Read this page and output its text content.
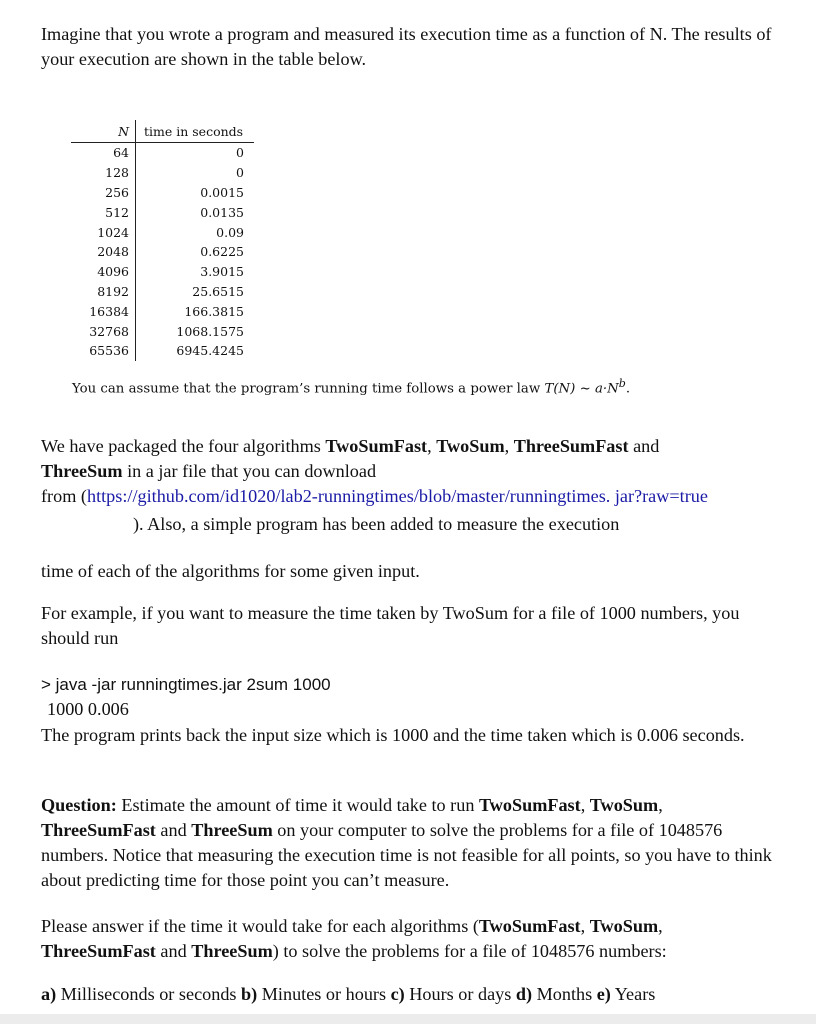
Imagine that you wrote a program and measured its execution time as a function of N. The results of your execution are shown in the table below.

N	time in seconds
64	0
128	0
256	0.0015
512	0.0135
1024	0.09
2048	0.6225
4096	3.9015
8192	25.6515
16384	166.3815
32768	1068.1575
65536	6945.4245
You can assume that the program’s running time follows a power law T(N) ~ $a\cdot N^b$.

We have packaged the four algorithms TwoSumFast, TwoSum, ThreeSumFast and
ThreeSum in a jar file that you can download
from (https://github.com/id1020/lab2-runningtimes/blob/master/runningtimes. jar?raw=true

). Also, a simple program has been added to measure the execution

time of each of the algorithms for some given input.

For example, if you want to measure the time taken by TwoSum for a file of 1000 numbers, you should run

> java -jar runningtimes.jar 2sum 1000

1000 0.006

The program prints back the input size which is 1000 and the time taken which is 0.006 seconds.

Question: Estimate the amount of time it would take to run TwoSumFast, TwoSum,
ThreeSumFast and ThreeSum on your computer to solve the problems for a file of 1048576 numbers. Notice that measuring the execution time is not feasible for all points, so you have to think about predicting time for those point you can’t measure.

Please answer if the time it would take for each algorithms (TwoSumFast, TwoSum,
ThreeSumFast and ThreeSum) to solve the problems for a file of 1048576 numbers:

a) Milliseconds or seconds b) Minutes or hours c) Hours or days d) Months e) Years
